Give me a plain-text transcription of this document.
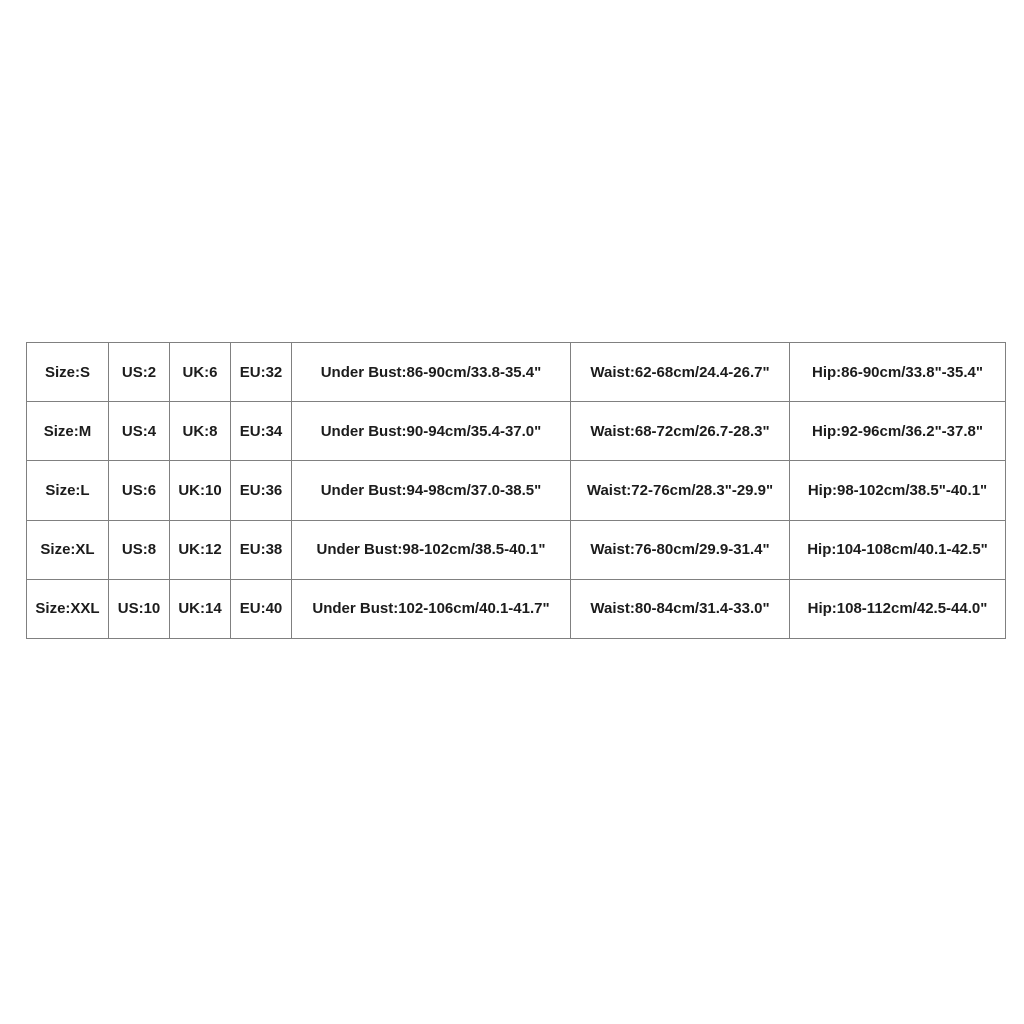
Size:S	US:2	UK:6	EU:32	Under Bust:86-90cm/33.8-35.4"	Waist:62-68cm/24.4-26.7"	Hip:86-90cm/33.8"-35.4"
Size:M	US:4	UK:8	EU:34	Under Bust:90-94cm/35.4-37.0"	Waist:68-72cm/26.7-28.3"	Hip:92-96cm/36.2"-37.8"
Size:L	US:6	UK:10	EU:36	Under Bust:94-98cm/37.0-38.5"	Waist:72-76cm/28.3"-29.9"	Hip:98-102cm/38.5"-40.1"
Size:XL	US:8	UK:12	EU:38	Under Bust:98-102cm/38.5-40.1"	Waist:76-80cm/29.9-31.4"	Hip:104-108cm/40.1-42.5"
Size:XXL	US:10	UK:14	EU:40	Under Bust:102-106cm/40.1-41.7"	Waist:80-84cm/31.4-33.0"	Hip:108-112cm/42.5-44.0"
